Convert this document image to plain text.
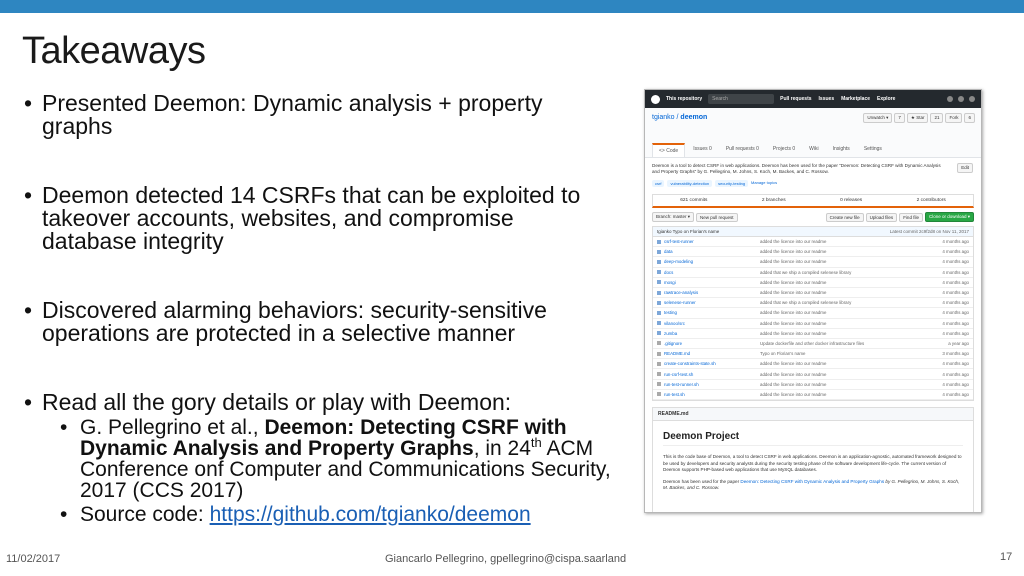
Takeaways
• Presented Deemon: Dynamic analysis + property graphs
• Deemon detected 14 CSRFs that can be exploited to takeover accounts, websites, and compromise database integrity
• Discovered alarming behaviors: security-sensitive operations are protected in a selective manner
• Read all the gory details or play with Deemon:
• G. Pellegrino et al., Deemon: Detecting CSRF with Dynamic Analysis and Property Graphs, in 24th ACM Conference onf Computer and Communications Security, 2017 (CCS 2017)
• Source code: https://github.com/tgianko/deemon
This repository	Search	Pull requests Issues Marketplace Explore
tgianko / deemon	Unwatch ▾	7	★ Star	21	Fork	6
<> Code	Issues 0	Pull requests 0	Projects 0	Wiki	Insights	Settings
Deemon is a tool to detect CSRF in web applications. Deemon has been used for the paper "Deemon: Detecting CSRF with Dynamic Analysis and Property Graphs" by G. Pellegrino, M. Johns, S. Koch, M. Backes, and C. Rossow.
Edit
csrf	vulnerability-detection	security-testing	Manage topics
621 commits	2 branches	0 releases	2 contributors
Branch: master ▾	New pull request	Create new file	Upload files	Find file	Clone or download ▾
tgianko Typo on Florian's name	Latest commit 2c9f2d8 on Nov 11, 2017
csrf-test-runner	added the licence into our readme	4 months ago
data	added the licence into our readme	4 months ago
deep-modeling	added the licence into our readme	4 months ago
docs	added that we ship a compiled selenese library	4 months ago
mosgi	added the licence into our readme	4 months ago
rawtrace-analysis	added the licence into our readme	4 months ago
selenese-runner	added that we ship a compiled selenese library	4 months ago
testing	added the licence into our readme	4 months ago
vilanoo/src	added the licence into our readme	4 months ago
zumba	added the licence into our readme	4 months ago
.gitignore	Update dockerfile and other docker infrastructure files	a year ago
README.md	Typo on Florian's name	3 months ago
create-constraints-state.sh	added the licence into our readme	4 months ago
run-csrf-test.sh	added the licence into our readme	4 months ago
run-test-runner.sh	added the licence into our readme	4 months ago
run-test.sh	added the licence into our readme	4 months ago
README.md
Deemon Project
This is the code base of Deemon, a tool to detect CSRF in web applications. Deemon is an application-agnostic, automated framework designed to be used by developers and security analysts during the security testing phase of the software development life-cycle. The current version of Deemon supports PHP-based web applications that use MySQL databases.
Deemon has been used for the paper Deemon: Detecting CSRF with Dynamic Analysis and Property Graphs by G. Pellegrino, M. Johns, S. Koch, M. Backes, and C. Rossow.
11/02/2017	Giancarlo Pellegrino, gpellegrino@cispa.saarland	17
